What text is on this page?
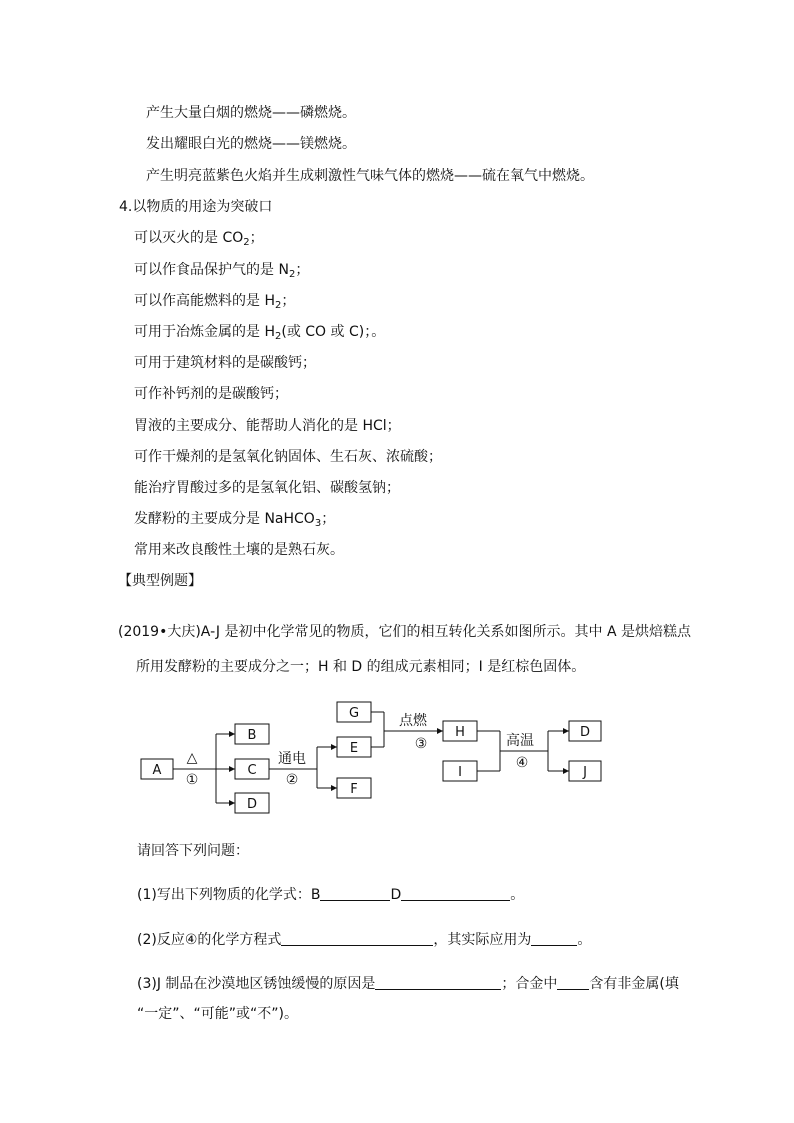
产生大量白烟的燃烧——磷燃烧。
发出耀眼白光的燃烧——镁燃烧。
产生明亮蓝紫色火焰并生成刺激性气味气体的燃烧——硫在氧气中燃烧。
4.以物质的用途为突破口
可以灭火的是 $CO_2$；
可以作食品保护气的是 $N_2$；
可以作高能燃料的是 $H_2$；
可用于冶炼金属的是 $H_2$(或 CO 或 C)；。
可用于建筑材料的是碳酸钙；
可作补钙剂的是碳酸钙；
胃液的主要成分、能帮助人消化的是 HCl；
可作干燥剂的是氢氧化钠固体、生石灰、浓硫酸；
能治疗胃酸过多的是氢氧化铝、碳酸氢钠；
发酵粉的主要成分是 NaHCO$_3$；
常用来改良酸性土壤的是熟石灰。
【典型例题】
(2019•大庆)A-J 是初中化学常见的物质，它们的相互转化关系如图所示。其中 A 是烘焙糕点
所用发酵粉的主要成分之一；H 和 D 的组成元素相同；I 是红棕色固体。
A
B
C
D
G
E
F
H
I
D
J
△
①
通电
②
点燃
③	高温
④
请回答下列问题：
(1)写出下列物质的化学式：B	D	。
(2)反应④的化学方程式	，其实际应用为	。
(3)J 制品在沙漠地区锈蚀缓慢的原因是	；合金中 含有非金属(填
“一定”、“可能”或“不”)。
